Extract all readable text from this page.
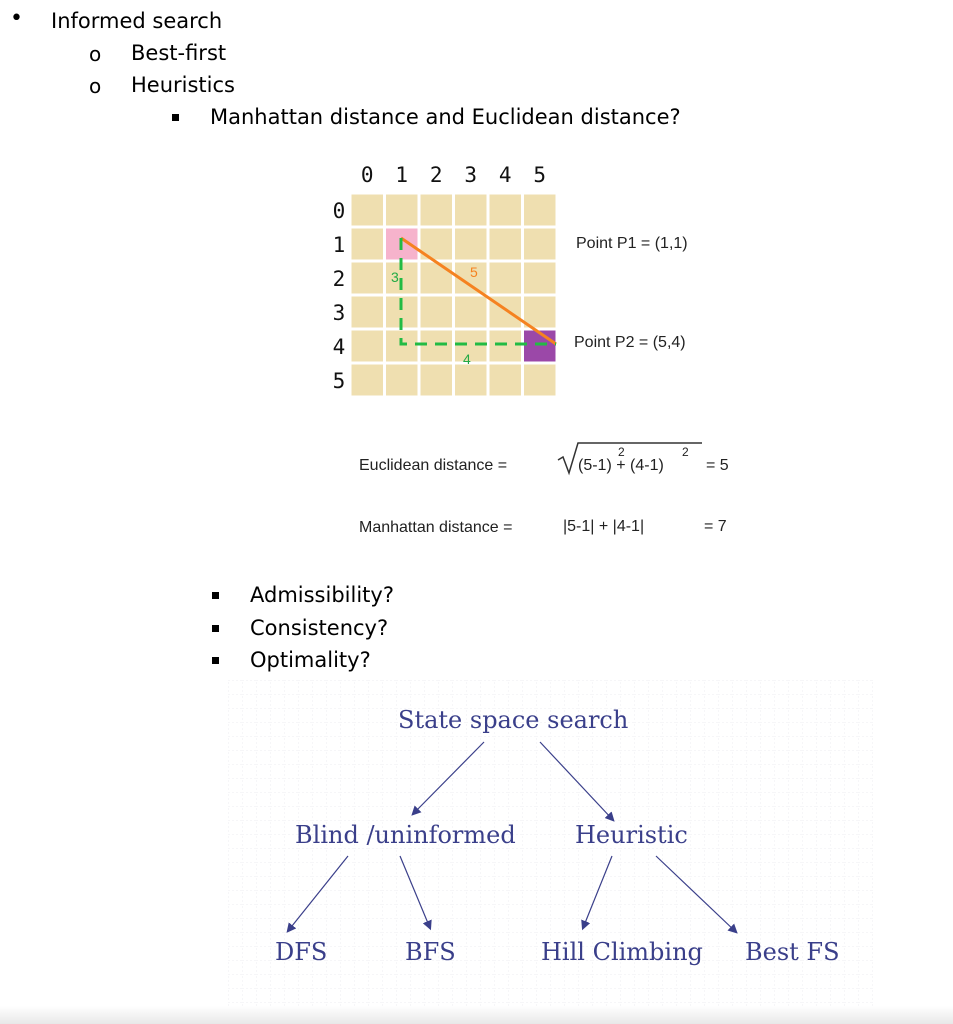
• Informed search
o Best-first
o Heuristics
Manhattan distance and Euclidean distance?
0 1 2 3 4 5
0
1
2
3
4
5
3
4
5
Point P1 = (1,1)
Point P2 = (5,4)
Euclidean distance =	(5-1) + (4-1)
2	2
= 5
Manhattan distance =	|5-1| + |4-1|	= 7
Admissibility?
Consistency?
Optimality?
State space search
Blind /uninformed Heuristic
DFS	BFS	Hill Climbing Best FS
